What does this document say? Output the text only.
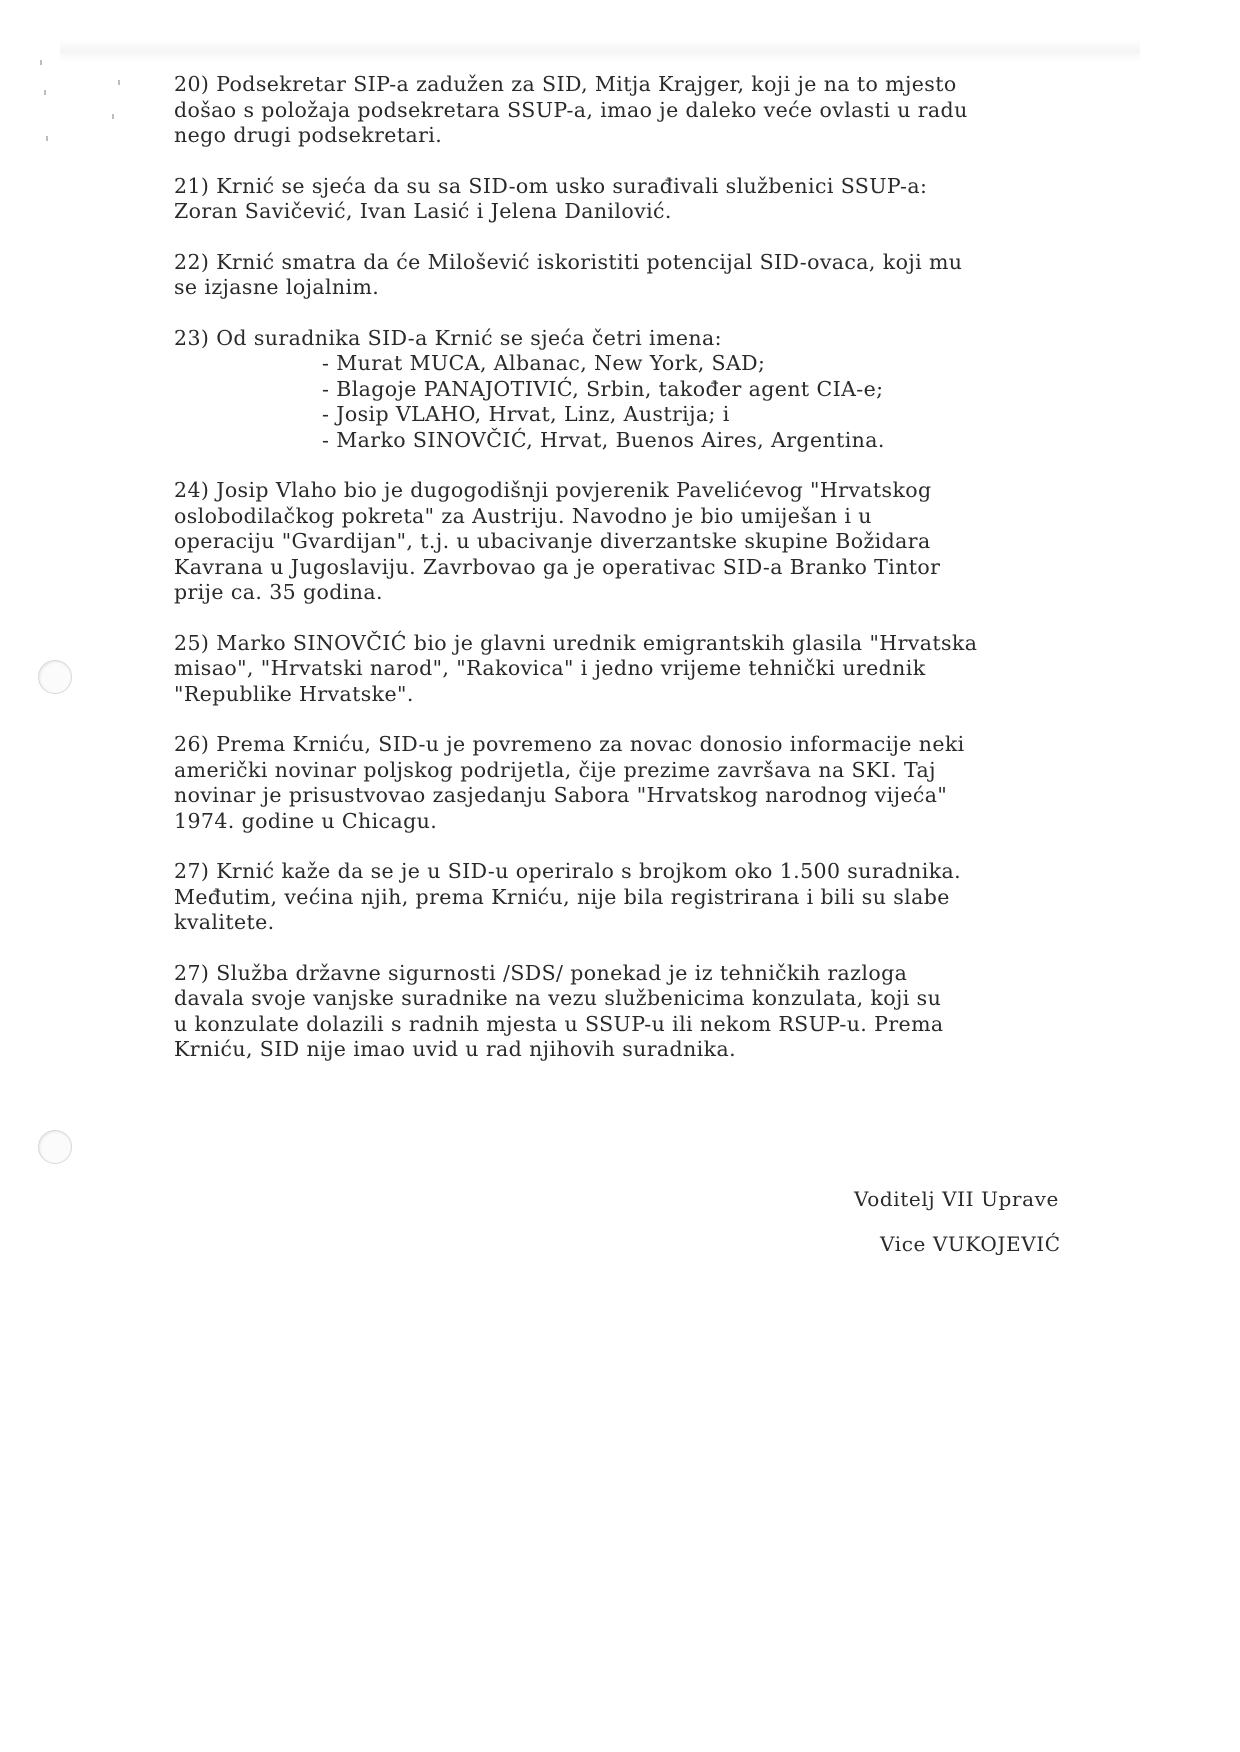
20) Podsekretar SIP-a zadužen za SID, Mitja Krajger, koji je na to mjesto
došao s položaja podsekretara SSUP-a, imao je daleko veće ovlasti u radu
nego drugi podsekretari.
21) Krnić se sjeća da su sa SID-om usko surađivali službenici SSUP-a:
Zoran Savičević, Ivan Lasić i Jelena Danilović.
22) Krnić smatra da će Milošević iskoristiti potencijal SID-ovaca, koji mu
se izjasne lojalnim.
23) Od suradnika SID-a Krnić se sjeća četri imena:
- Murat MUCA, Albanac, New York, SAD;
- Blagoje PANAJOTIVIĆ, Srbin, također agent CIA-e;
- Josip VLAHO, Hrvat, Linz, Austrija; i
- Marko SINOVČIĆ, Hrvat, Buenos Aires, Argentina.
24) Josip Vlaho bio je dugogodišnji povjerenik Pavelićevog "Hrvatskog
oslobodilačkog pokreta" za Austriju. Navodno je bio umiješan i u
operaciju "Gvardijan", t.j. u ubacivanje diverzantske skupine Božidara
Kavrana u Jugoslaviju. Zavrbovao ga je operativac SID-a Branko Tintor
prije ca. 35 godina.
25) Marko SINOVČIĆ bio je glavni urednik emigrantskih glasila "Hrvatska
misao", "Hrvatski narod", "Rakovica" i jedno vrijeme tehnički urednik
"Republike Hrvatske".
26) Prema Krniću, SID-u je povremeno za novac donosio informacije neki
američki novinar poljskog podrijetla, čije prezime završava na SKI. Taj
novinar je prisustvovao zasjedanju Sabora "Hrvatskog narodnog vijeća"
1974. godine u Chicagu.
27) Krnić kaže da se je u SID-u operiralo s brojkom oko 1.500 suradnika.
Međutim, većina njih, prema Krniću, nije bila registrirana i bili su slabe
kvalitete.
27) Služba državne sigurnosti /SDS/ ponekad je iz tehničkih razloga
davala svoje vanjske suradnike na vezu službenicima konzulata, koji su
u konzulate dolazili s radnih mjesta u SSUP-u ili nekom RSUP-u. Prema
Krniću, SID nije imao uvid u rad njihovih suradnika.
Voditelj VII Uprave
Vice VUKOJEVIĆ
